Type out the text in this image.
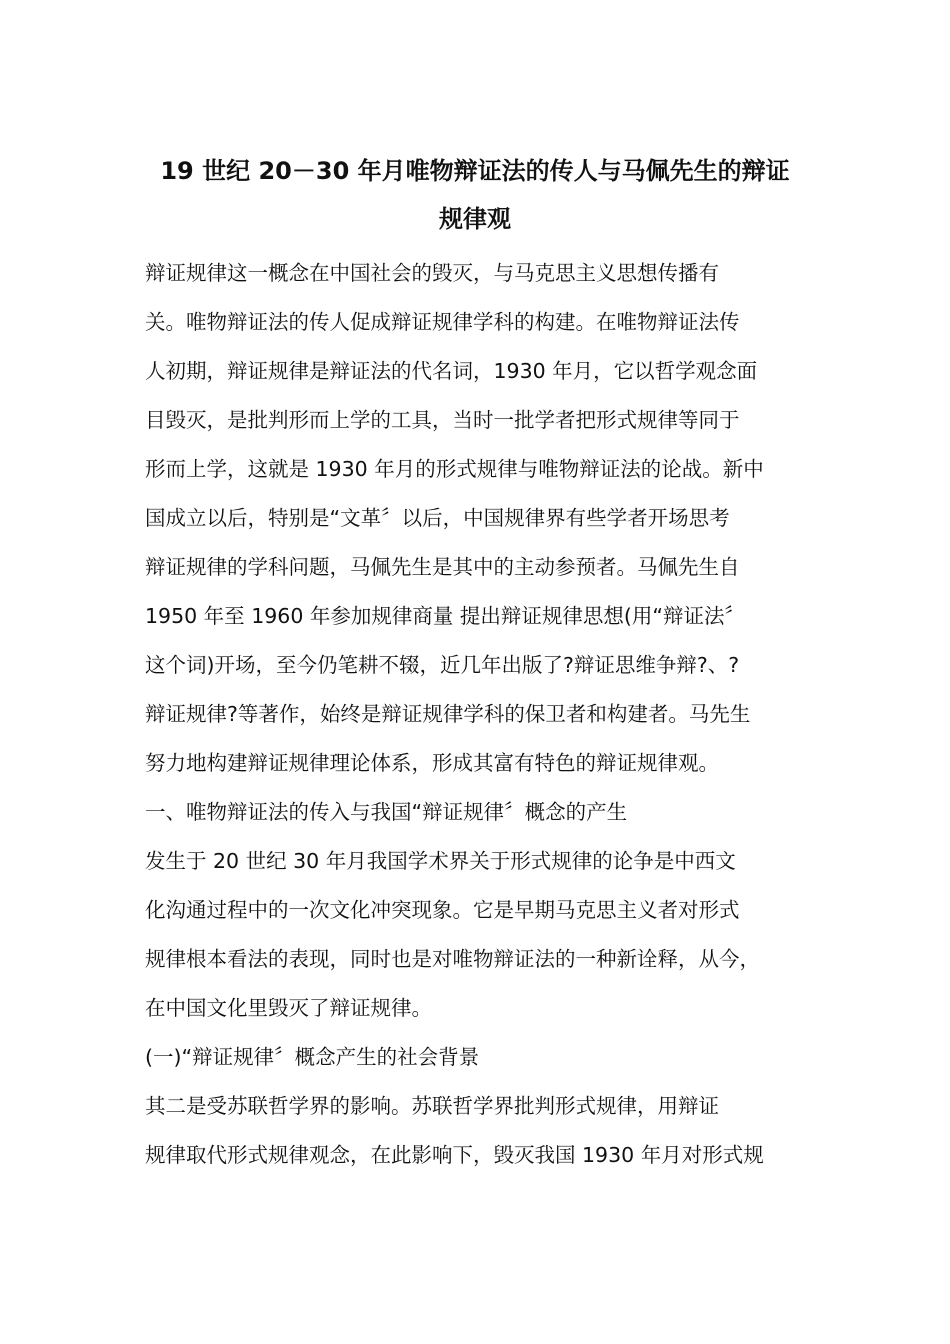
19 世纪 20－30 年月唯物辩证法的传人与马佩先生的辩证
规律观

辩证规律这一概念在中国社会的毁灭，与马克思主义思想传播有

关。唯物辩证法的传人促成辩证规律学科的构建。在唯物辩证法传

人初期，辩证规律是辩证法的代名词，1930 年月，它以哲学观念面

目毁灭，是批判形而上学的工具，当时一批学者把形式规律等同于

形而上学，这就是 1930 年月的形式规律与唯物辩证法的论战。新中

国成立以后，特别是“文革〞以后，中国规律界有些学者开场思考

辩证规律的学科问题，马佩先生是其中的主动参预者。马佩先生自

1950 年至 1960 年参加规律商量 提出辩证规律思想(用“辩证法〞

这个词)开场，至今仍笔耕不辍，近几年出版了?辩证思维争辩?、?

辩证规律?等著作，始终是辩证规律学科的保卫者和构建者。马先生

努力地构建辩证规律理论体系，形成其富有特色的辩证规律观。

一、唯物辩证法的传入与我国“辩证规律〞概念的产生

发生于 20 世纪 30 年月我国学术界关于形式规律的论争是中西文

化沟通过程中的一次文化冲突现象。它是早期马克思主义者对形式

规律根本看法的表现，同时也是对唯物辩证法的一种新诠释，从今，

在中国文化里毁灭了辩证规律。

(一)“辩证规律〞概念产生的社会背景

其二是受苏联哲学界的影响。苏联哲学界批判形式规律，用辩证

规律取代形式规律观念，在此影响下，毁灭我国 1930 年月对形式规
